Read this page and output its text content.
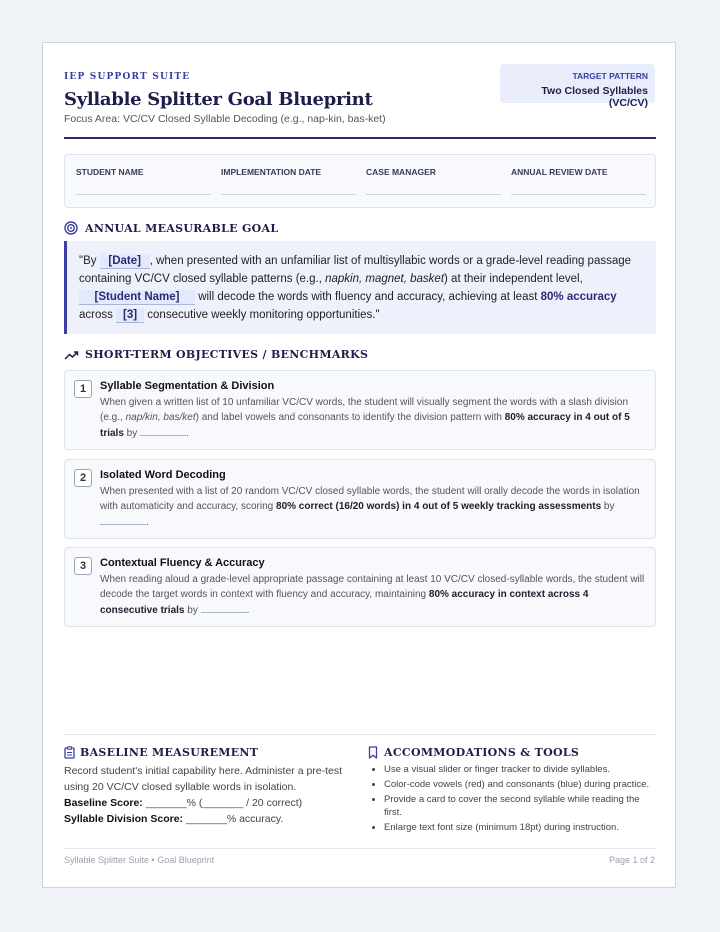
IEP SUPPORT SUITE
Syllable Splitter Goal Blueprint
Focus Area: VC/CV Closed Syllable Decoding (e.g., nap-kin, bas-ket)
TARGET PATTERN
Two Closed Syllables (VC/CV)
STUDENT NAME	IMPLEMENTATION DATE	CASE MANAGER	ANNUAL REVIEW DATE
ANNUAL MEASURABLE GOAL
"By [Date] , when presented with an unfamiliar list of multisyllabic words or a grade-level reading passage containing VC/CV closed syllable patterns (e.g., napkin, magnet, basket) at their independent level, [Student Name] will decode the words with fluency and accuracy, achieving at least 80% accuracy across [3] consecutive weekly monitoring opportunities."
SHORT-TERM OBJECTIVES / BENCHMARKS
1	Syllable Segmentation & Division
When given a written list of 10 unfamiliar VC/CV words, the student will visually segment the words with a slash division (e.g., nap/kin, bas/ket) and label vowels and consonants to identify the division pattern with 80% accuracy in 4 out of 5 trials by	.
2	Isolated Word Decoding
When presented with a list of 20 random VC/CV closed syllable words, the student will orally decode the words in isolation with automaticity and accuracy, scoring 80% correct (16/20 words) in 4 out of 5 weekly tracking assessments by .
3	Contextual Fluency & Accuracy
When reading aloud a grade-level appropriate passage containing at least 10 VC/CV closed-syllable words, the student will decode the target words in context with fluency and accuracy, maintaining 80% accuracy in context across 4 consecutive trials by	.
BASELINE MEASUREMENT
Record student's initial capability here. Administer a pre-test using 20 VC/CV closed syllable words in isolation.
Baseline Score: _______% (_______ / 20 correct)
Syllable Division Score: _______% accuracy.
ACCOMMODATIONS & TOOLS
• Use a visual slider or finger tracker to divide syllables.
• Color-code vowels (red) and consonants (blue) during practice.
• Provide a card to cover the second syllable while reading the first.
• Enlarge text font size (minimum 18pt) during instruction.
Syllable Splitter Suite • Goal Blueprint	Page 1 of 2
